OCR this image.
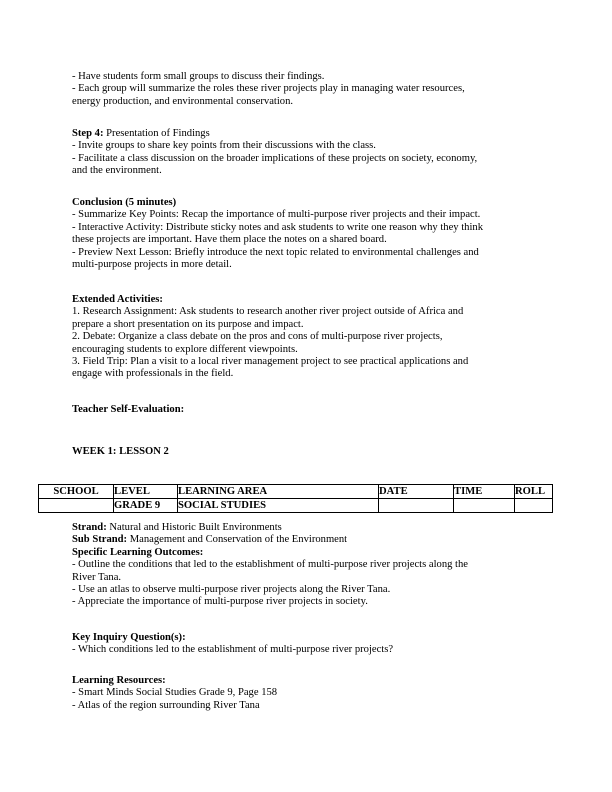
- Have students form small groups to discuss their findings.

- Each group will summarize the roles these river projects play in managing water resources,

energy production, and environmental conservation.

Step 4: Presentation of Findings

- Invite groups to share key points from their discussions with the class.

- Facilitate a class discussion on the broader implications of these projects on society, economy,

and the environment.

Conclusion (5 minutes)

- Summarize Key Points: Recap the importance of multi-purpose river projects and their impact.

- Interactive Activity: Distribute sticky notes and ask students to write one reason why they think

these projects are important. Have them place the notes on a shared board.

- Preview Next Lesson: Briefly introduce the next topic related to environmental challenges and

multi-purpose projects in more detail.

Extended Activities:

1. Research Assignment: Ask students to research another river project outside of Africa and

prepare a short presentation on its purpose and impact.

2. Debate: Organize a class debate on the pros and cons of multi-purpose river projects,

encouraging students to explore different viewpoints.

3. Field Trip: Plan a visit to a local river management project to see practical applications and

engage with professionals in the field.

Teacher Self-Evaluation:

WEEK 1: LESSON 2

SCHOOL	LEVEL	LEARNING AREA	DATE	TIME	ROLL
	GRADE 9	SOCIAL STUDIES			

Strand: Natural and Historic Built Environments

Sub Strand: Management and Conservation of the Environment

Specific Learning Outcomes:

- Outline the conditions that led to the establishment of multi-purpose river projects along the

River Tana.

- Use an atlas to observe multi-purpose river projects along the River Tana.

- Appreciate the importance of multi-purpose river projects in society.

Key Inquiry Question(s):

- Which conditions led to the establishment of multi-purpose river projects?

Learning Resources:

- Smart Minds Social Studies Grade 9, Page 158

- Atlas of the region surrounding River Tana
